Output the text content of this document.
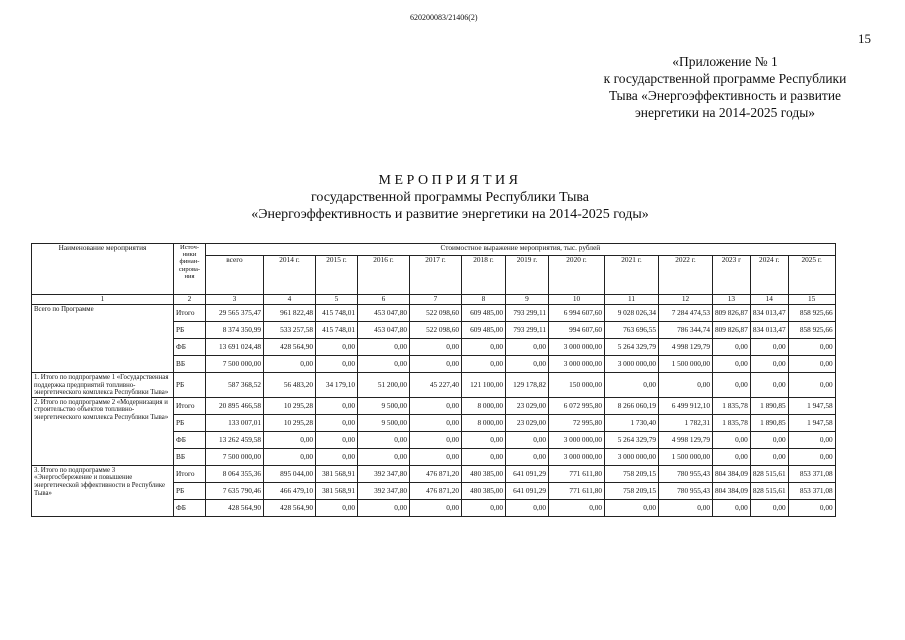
620200083/21406(2)
15
«Приложение № 1
к государственной программе Республики
Тыва «Энергоэффективность и развитие
энергетики на 2014-2025 годы»
МЕРОПРИЯТИЯ
государственной программы Республики Тыва
«Энергоэффективность и развитие энергетики на 2014-2025 годы»
Наименование мероприятия	Источ-ники финан-сирова-ния	Стоимостное выражение мероприятия, тыс. рублей												
		всего	2014 г.	2015 г.	2016 г.	2017 г.	2018 г.	2019 г.	2020 г.	2021 г.	2022 г.	2023 г	2024 г.	2025 г.
1	2	3	4	5	6	7	8	9	10	11	12	13	14	15
Всего по Программе	Итого	29 565 375,47	961 822,48	415 748,01	453 047,80	522 098,60	609 485,00	793 299,11	6 994 607,60	9 028 026,34	7 284 474,53	809 826,87	834 013,47	858 925,66
	РБ	8 374 350,99	533 257,58	415 748,01	453 047,80	522 098,60	609 485,00	793 299,11	994 607,60	763 696,55	786 344,74	809 826,87	834 013,47	858 925,66
	ФБ	13 691 024,48	428 564,90	0,00	0,00	0,00	0,00	0,00	3 000 000,00	5 264 329,79	4 998 129,79	0,00	0,00	0,00
	ВБ	7 500 000,00	0,00	0,00	0,00	0,00	0,00	0,00	3 000 000,00	3 000 000,00	1 500 000,00	0,00	0,00	0,00
1. Итого по подпрограмме 1 «Государственная поддержка предприятий топливно-энергетического комплекса Республики Тыва»	РБ	587 368,52	56 483,20	34 179,10	51 200,00	45 227,40	121 100,00	129 178,82	150 000,00	0,00	0,00	0,00	0,00	0,00
2. Итого по подпрограмме 2 «Модернизация и строительство объектов топливно-энергетического комплекса Республики Тыва»	Итого	20 895 466,58	10 295,28	0,00	9 500,00	0,00	8 000,00	23 029,00	6 072 995,80	8 266 060,19	6 499 912,10	1 835,78	1 890,85	1 947,58
	РБ	133 007,01	10 295,28	0,00	9 500,00	0,00	8 000,00	23 029,00	72 995,80	1 730,40	1 782,31	1 835,78	1 890,85	1 947,58
	ФБ	13 262 459,58	0,00	0,00	0,00	0,00	0,00	0,00	3 000 000,00	5 264 329,79	4 998 129,79	0,00	0,00	0,00
	ВБ	7 500 000,00	0,00	0,00	0,00	0,00	0,00	0,00	3 000 000,00	3 000 000,00	1 500 000,00	0,00	0,00	0,00
3. Итого по подпрограмме 3 «Энергосбережение и повышение энергетической эффективности в Республике Тыва»	Итого	8 064 355,36	895 044,00	381 568,91	392 347,80	476 871,20	480 385,00	641 091,29	771 611,80	758 209,15	780 955,43	804 384,09	828 515,61	853 371,08
	РБ	7 635 790,46	466 479,10	381 568,91	392 347,80	476 871,20	480 385,00	641 091,29	771 611,80	758 209,15	780 955,43	804 384,09	828 515,61	853 371,08
	ФБ	428 564,90	428 564,90	0,00	0,00	0,00	0,00	0,00	0,00	0,00	0,00	0,00	0,00	0,00
